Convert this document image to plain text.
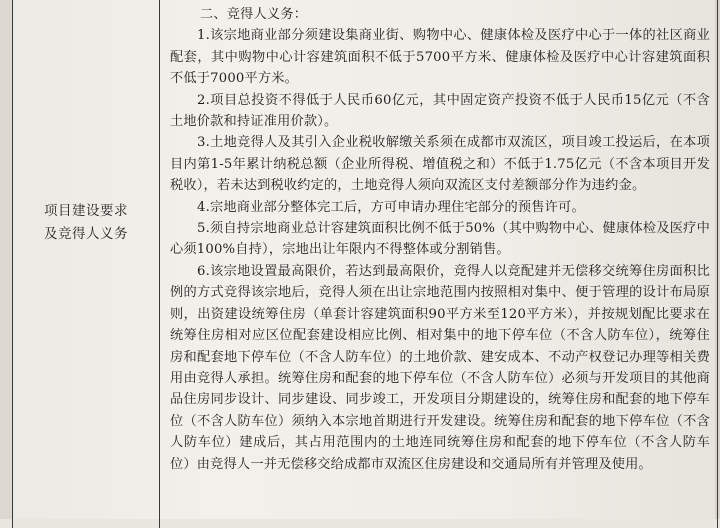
项目建设要求
及竞得人义务

二、竞得人义务：

1.该宗地商业部分须建设集商业街、购物中心、健康体检及医疗中心于一体的社区商业配套，其中购物中心计容建筑面积不低于5700平方米、健康体检及医疗中心计容建筑面积不低于7000平方米。

2.项目总投资不得低于人民币60亿元，其中固定资产投资不低于人民币15亿元（不含土地价款和持证准用价款）。

3.土地竞得人及其引入企业税收解缴关系须在成都市双流区，项目竣工投运后，在本项目内第1-5年累计纳税总额（企业所得税、增值税之和）不低于1.75亿元（不含本项目开发税收），若未达到税收约定的，土地竞得人须向双流区支付差额部分作为违约金。

4.宗地商业部分整体完工后，方可申请办理住宅部分的预售许可。

5.须自持宗地商业总计容建筑面积比例不低于50%（其中购物中心、健康体检及医疗中心须100%自持），宗地出让年限内不得整体或分割销售。

6.该宗地设置最高限价，若达到最高限价，竞得人以竞配建并无偿移交统筹住房面积比例的方式竞得该宗地后，竞得人须在出让宗地范围内按照相对集中、便于管理的设计布局原则，出资建设统筹住房（单套计容建筑面积90平方米至120平方米），并按规划配比要求在统筹住房相对应区位配套建设相应比例、相对集中的地下停车位（不含人防车位），统筹住房和配套地下停车位（不含人防车位）的土地价款、建安成本、不动产权登记办理等相关费用由竞得人承担。统筹住房和配套的地下停车位（不含人防车位）必须与开发项目的其他商品住房同步设计、同步建设、同步竣工，开发项目分期建设的，统筹住房和配套的地下停车位（不含人防车位）须纳入本宗地首期进行开发建设。统筹住房和配套的地下停车位（不含人防车位）建成后，其占用范围内的土地连同统筹住房和配套的地下停车位（不含人防车位）由竞得人一并无偿移交给成都市双流区住房建设和交通局所有并管理及使用。
